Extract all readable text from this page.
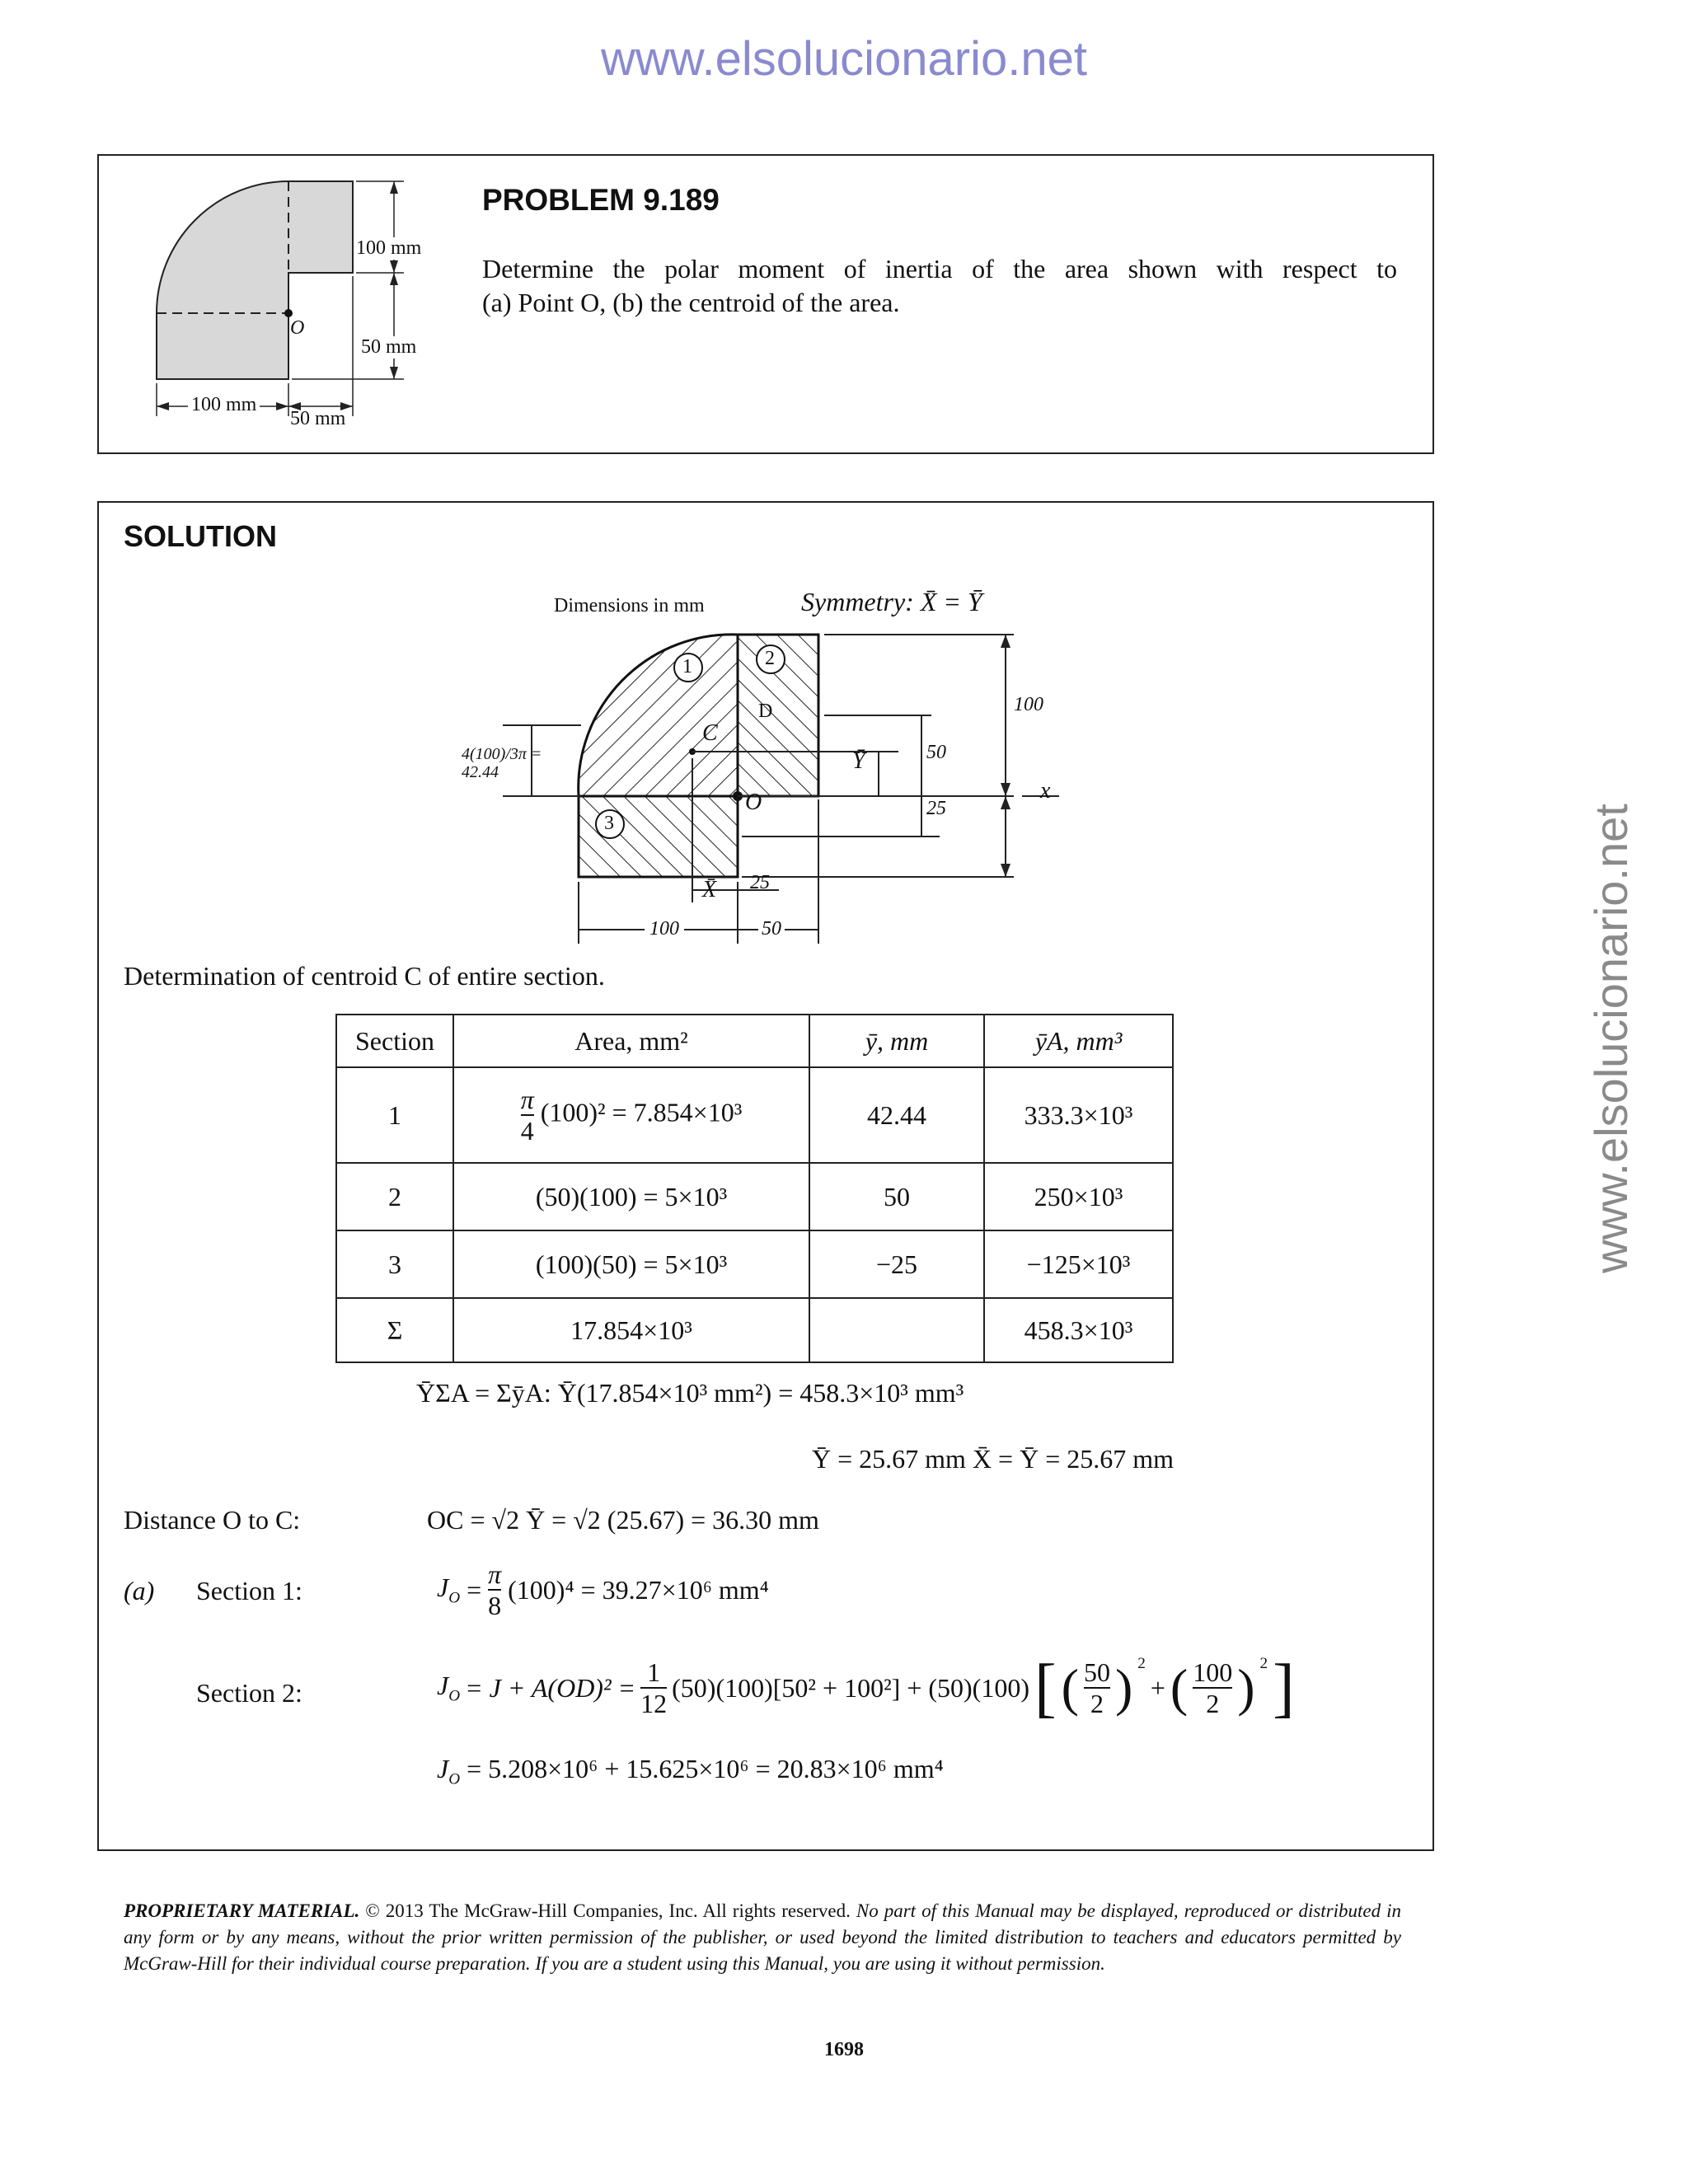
www.elsolucionario.net
www.elsolucionario.net
100 mm
50 mm
O
100 mm
50 mm
PROBLEM 9.189
Determine the polar moment of inertia of the area shown with respect to
(a) Point O, (b) the centroid of the area.
SOLUTION
Dimensions in mm	Symmetry: X̄ = Ȳ
1	2
3
C
O
D
Ȳ
X̄
50
25
100
x
25
100	50
4(100)/3π = 42.44
Determination of centroid C of entire section.
Section	Area, mm²	ȳ, mm	ȳA, mm³
1	$\frac{\pi}{4} (100)^2 = 7.854\times 10^3$	42.44	333.3×10³
2	(50)(100) = 5×10³	50	250×10³
3	(100)(50) = 5×10³	−25	−125×10³
Σ	17.854×10³		458.3×10³
ȲΣA = ΣȳA: Ȳ(17.854×10³ mm²) = 458.3×10³ mm³
Ȳ = 25.67 mm X̄ = Ȳ = 25.67 mm
Distance O to C:	OC = √2 Ȳ = √2 (25.67) = 36.30 mm
(a) Section 1:	$J_O = \frac{\pi}{8} (100)^4 = 39.27\times 10^6$ mm⁴
Section 2:	$J_O = J + A(OD)^2 = \frac{1}{12} (50)(100)[50^2 + 100^2] + (50)(100)$ [ ( $\frac{50}{2}$ ) $^2$
+ ( $\frac{100}{2}$ ) $^2$ ]
$J_O = 5.208\times 10^6 + 15.625\times 10^6 = 20.83\times 10^6$ mm⁴
PROPRIETARY MATERIAL. © 2013 The McGraw-Hill Companies, Inc. All rights reserved. No part of this Manual may be displayed, reproduced or distributed in any form or by any means, without the prior written permission of the publisher, or used beyond the limited distribution to teachers and educators permitted by McGraw-Hill for their individual course preparation. If you are a student using this Manual, you are using it without permission.
1698
